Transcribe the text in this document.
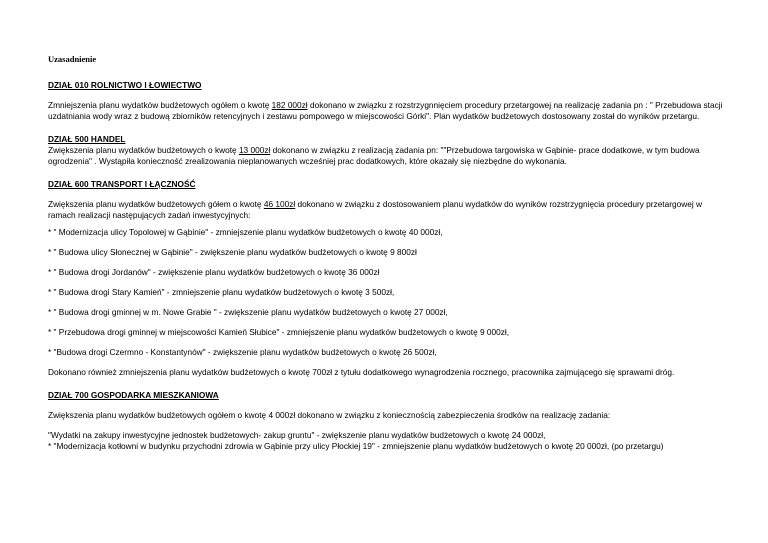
Uzasadnienie

DZIAŁ 010 ROLNICTWO I ŁOWIECTWO

Zmniejszenia planu wydatków budżetowych ogółem o kwotę 182 000zł dokonano w związku z rozstrzygnnięciem procedury przetargowej na realizację zadania pn : " Przebudowa stacji uzdatniania wody wraz z budową zbiorników retencyjnych i zestawu pompowego w miejscowości Górki". Plan wydatków budżetowych dostosowany został do wyników przetargu.

DZIAŁ 500 HANDEL

Zwiększenia planu wydatków budżetowych o kwotę 13 000zł dokonano w związku z realizacją zadania pn: ""Przebudowa targowiska w Gąbinie- prace dodatkowe, w tym budowa ogrodzenia" . Wystąpiła konieczność zrealizowania nieplanowanych wcześniej prac dodatkowych, które okazały się niezbędne do wykonania.

DZIAŁ 600 TRANSPORT I ŁĄCZNOŚĆ

Zwiększenia planu wydatków budżetowych gółem o kwotę 46 100zł dokonano w związku z dostosowaniem planu wydatków do wyników rozstrzygnięcia procedury przetargowej w ramach realizacji następujących zadań inwestycyjnych:

* " Modernizacja ulicy Topolowej w Gąbinie" - zmniejszenie planu wydatków budżetowych o kwotę 40 000zł,

* " Budowa ulicy Słonecznej w Gąbinie" - zwiększenie planu wydatków budżetowych o kwotę 9 800zł

* " Budowa drogi Jordanów" - zwiększenie planu wydatków budżetowych o kwotę 36 000zł

* " Budowa drogi Stary Kamień" - zmniejszenie planu wydatków budżetowych o kwotę 3 500zł,

* " Budowa drogi gminnej w m. Nowe Grabie " - zwiększenie planu wydatków budżetowych o kwotę 27 000zł,

* " Przebudowa drogi gminnej w miejscowości Kamień Słubice" - zmniejszenie planu wydatków budżetowych o kwotę 9 000zł,

* "Budowa drogi Czermno - Konstantynów" - zwiększenie planu wydatków budżetowych o kwotę 26 500zł,

Dokonano również zmniejszenia planu wydatków budżetowych o kwotę 700zł z tytułu dodatkowego wynagrodzenia rocznego, pracownika zajmującego się sprawami dróg.

DZIAŁ 700 GOSPODARKA MIESZKANIOWA

Zwiększenia planu wydatków budżetowych ogółem o kwotę 4 000zł dokonano w związku z koniecznością zabezpieczenia środków na realizację zadania:

"Wydatki na zakupy inwestycyjne jednostek budżetowych- zakup gruntu" - zwiększenie planu wydatków budżetowych o kwotę 24 000zł,

* "Modernizacja kotłowni w budynku przychodni zdrowia w Gąbinie przy ulicy Płockiej 19" - zmniejszenie planu wydatków budżetowych o kwotę 20 000zł, (po przetargu)
